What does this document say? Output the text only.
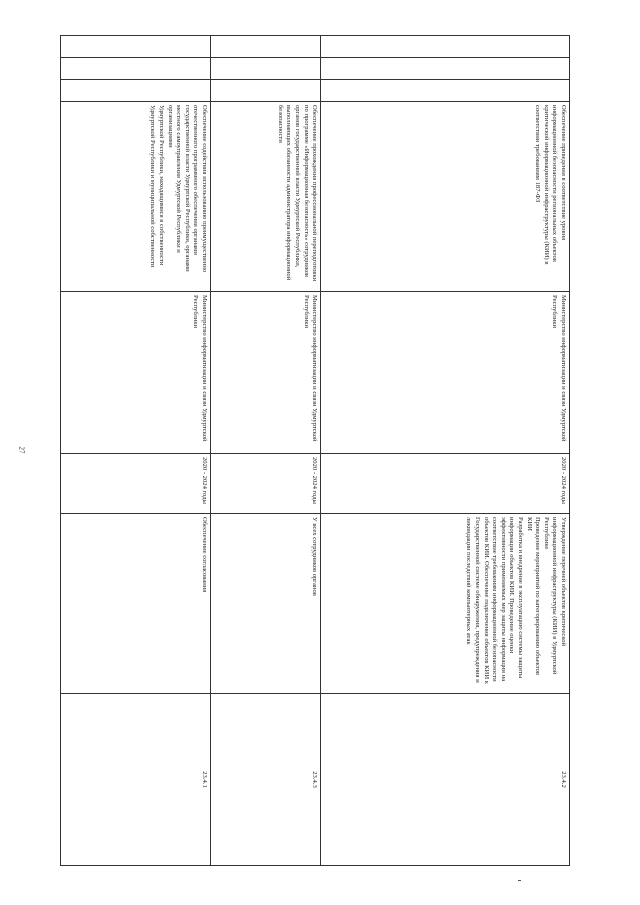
27
			Обеспечение приведения в соответствие уровня информационной безопасности региональных объектов критической информационной инфраструктуры (КИИ) в соответствии требованиям 187-ФЗ	Министерство информатизации и связи Удмуртской Республики	2020 - 2024 годы	Утверждение перечней объектов критической информационной инфраструктуры (КИИ) в Удмуртской Республике
Проведение мероприятий по категорированию объектов КИИ
Разработка и внедрение в эксплуатацию системы защиты информации объектов КИИ. Проведение оценки эффективности применяемых мер защиты информации на соответствие требованиям информационной безопасности объектов КИИ. Обеспечение подключения объектов КИИ к Государственной системе обнаружения, предупреждения и ликвидации последствий компьютерных атак	23.4.2
			Обеспечение прохождения профессиональной переподготовки по программе «Информационная безопасность» сотрудников органов государственной власти Удмуртской Республики, выполняющих обязанности администратора информационной безопасности	Министерство информатизации и связи Удмуртской Республики	2020 - 2024 годы	У всех сотрудников органов	23.4.3
			Обеспечение содействия использованию преимущественно отечественного программного обеспечения органами государственной власти Удмуртской Республики, органами местного самоуправления Удмуртской Республики и организациями
Удмуртской Республики, находящимися в собственности
Удмуртской Республики и муниципальной собственности	Министерство информатизации и связи Удмуртской Республики	2020 - 2024 годы	Обеспечение согласования	23.4.1
